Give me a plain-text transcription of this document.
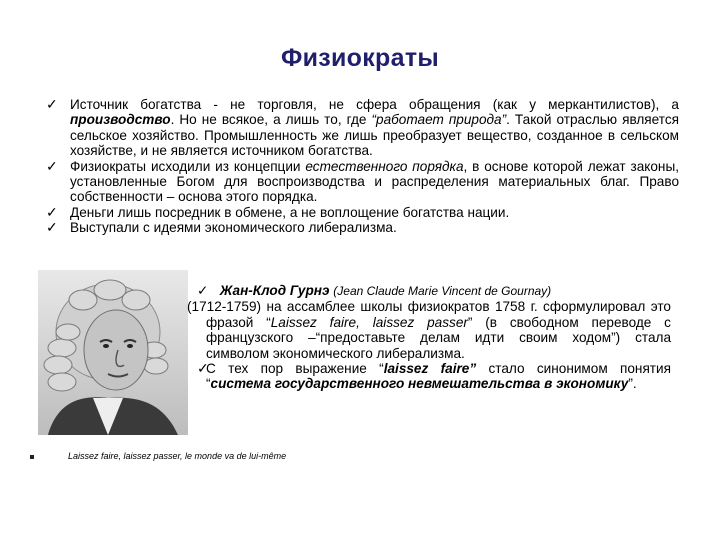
Физиократы
✓ Источник богатства - не торговля, не сфера обращения (как у меркантилистов), а производство. Но не всякое, а лишь то, где “работает природа”. Такой отраслью является сельское хозяйство. Промышленность же лишь преобразует вещество, созданное в сельском хозяйстве, и не является источником богатства.
✓ Физиократы исходили из концепции естественного порядка, в основе которой лежат законы, установленные Богом для воспроизводства и распределения материальных благ. Право собственности – основа этого порядка.
✓ Деньги лишь посредник в обмене, а не воплощение богатства нации.
✓ Выступали с идеями экономического либерализма.
✓ Жан-Клод Гурнэ (Jean Claude Marie Vincent de Gournay)
(1712-1759) на ассамблее школы физиократов 1758 г. сформулировал это фразой “Laissez faire, laissez passer” (в свободном переводе с французского –“предоставьте делам идти своим ходом”) стала символом экономического либерализма.
✓
С тех пор выражение “laissez faire” стало синонимом понятия “система государственного невмешательства в экономику”.
Laissez faire, laissez passer, le monde va de lui-même
